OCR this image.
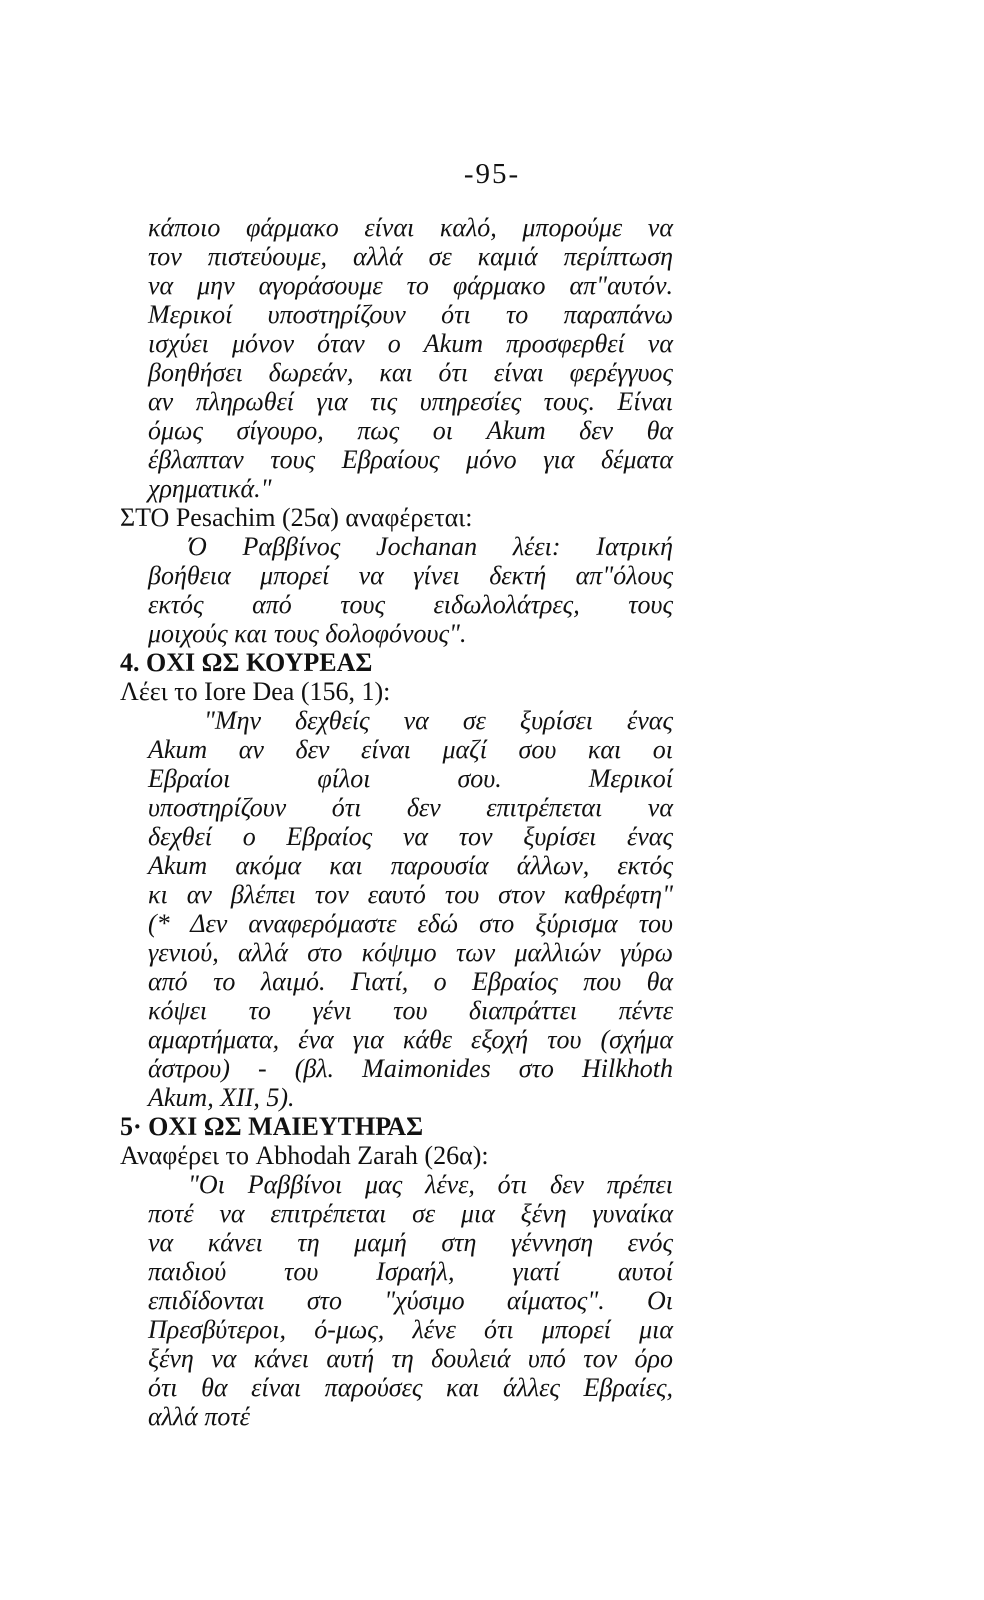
-95-
κάποιο φάρμακο είναι καλό, μπορούμε να
τον πιστεύουμε, αλλά σε καμιά περίπτωση
να μην αγοράσουμε το φάρμακο απ"αυτόν.
Μερικοί υποστηρίζουν ότι το παραπάνω
ισχύει μόνον όταν ο Akum προσφερθεί να
βοηθήσει δωρεάν, και ότι είναι φερέγγυος
αν πληρωθεί για τις υπηρεσίες τους. Είναι
όμως σίγουρο, πως οι Akum δεν θα
έβλαπταν τους Εβραίους μόνο για δέματα
χρηματικά."
ΣΤΟ Pesachim (25α) αναφέρεται:
Ό Ραββίνος Jochanan λέει: Ιατρική
βοήθεια μπορεί να γίνει δεκτή απ"όλους
εκτός από τους ειδωλολάτρες, τους
μοιχούς και τους δολοφόνους".
4. ΟΧΙ ΩΣ ΚΟΥΡΕΑΣ
Λέει το Iore Dea (156, 1):
"Μην δεχθείς να σε ξυρίσει ένας
Akum αν δεν είναι μαζί σου και οι
Εβραίοι φίλοι σου. Μερικοί
υποστηρίζουν ότι δεν επιτρέπεται να
δεχθεί ο Εβραίος να τον ξυρίσει ένας
Akum ακόμα και παρουσία άλλων, εκτός
κι αν βλέπει τον εαυτό του στον καθρέφτη"
(* Δεν αναφερόμαστε εδώ στο ξύρισμα του
γενιού, αλλά στο κόψιμο των μαλλιών γύρω
από το λαιμό. Γιατί, ο Εβραίος που θα
κόψει το γένι του διαπράττει πέντε
αμαρτήματα, ένα για κάθε εξοχή του (σχήμα
άστρου) - (βλ. Maimonides στο Hilkhoth
Akum, XII, 5).
5· ΟΧΙ ΩΣ ΜΑΙΕΥΤΗΡΑΣ
Αναφέρει το Abhodah Zarah (26α):
"Οι Ραββίνοι μας λένε, ότι δεν πρέπει
ποτέ να επιτρέπεται σε μια ξένη γυναίκα
να κάνει τη μαμή στη γέννηση ενός
παιδιού του Ισραήλ, γιατί αυτοί
επιδίδονται στο "χύσιμο αίματος". Οι
Πρεσβύτεροι, ό-μως, λένε ότι μπορεί μια
ξένη να κάνει αυτή τη δουλειά υπό τον όρο
ότι θα είναι παρούσες και άλλες Εβραίες,
αλλά ποτέ
